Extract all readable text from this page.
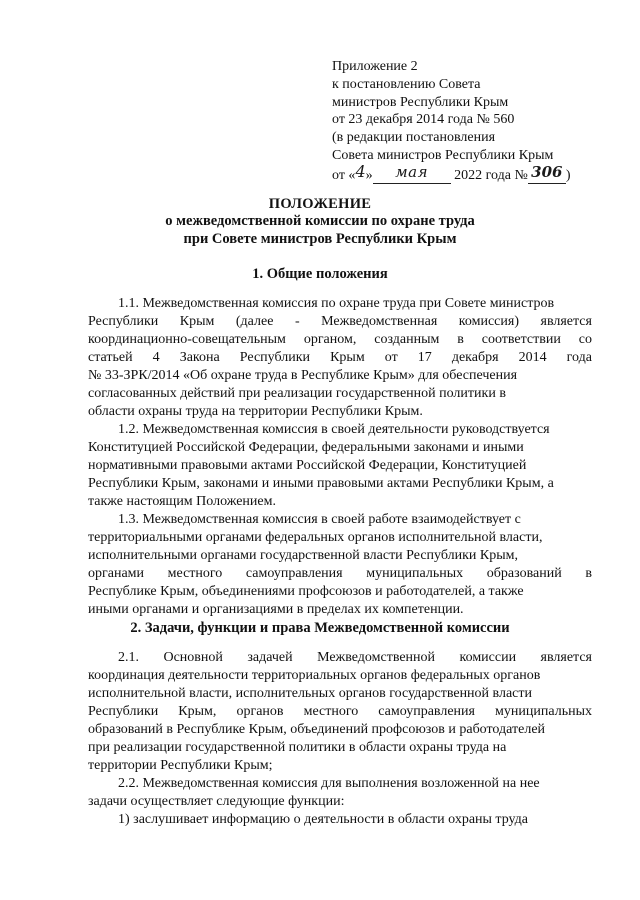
Приложение 2
к постановлению Совета
министров Республики Крым
от 23 декабря 2014 года № 560
(в редакции постановления
Совета министров Республики Крым
от «4» мая 2022 года № 306 )
ПОЛОЖЕНИЕ
о межведомственной комиссии по охране труда
при Совете министров Республики Крым
1. Общие положения
1.1. Межведомственная комиссия по охране труда при Совете министров
Республики Крым (далее - Межведомственная комиссия) является
координационно-совещательным органом, созданным в соответствии со
статьей 4 Закона Республики Крым от 17 декабря 2014 года
№ 33-ЗРК/2014 «Об охране труда в Республике Крым» для обеспечения
согласованных действий при реализации государственной политики в
области охраны труда на территории Республики Крым.
1.2. Межведомственная комиссия в своей деятельности руководствуется
Конституцией Российской Федерации, федеральными законами и иными
нормативными правовыми актами Российской Федерации, Конституцией
Республики Крым, законами и иными правовыми актами Республики Крым, а
также настоящим Положением.
1.3. Межведомственная комиссия в своей работе взаимодействует с
территориальными органами федеральных органов исполнительной власти,
исполнительными органами государственной власти Республики Крым,
органами местного самоуправления муниципальных образований в
Республике Крым, объединениями профсоюзов и работодателей, а также
иными органами и организациями в пределах их компетенции.
2. Задачи, функции и права Межведомственной комиссии
2.1. Основной задачей Межведомственной комиссии является
координация деятельности территориальных органов федеральных органов
исполнительной власти, исполнительных органов государственной власти
Республики Крым, органов местного самоуправления муниципальных
образований в Республике Крым, объединений профсоюзов и работодателей
при реализации государственной политики в области охраны труда на
территории Республики Крым;
2.2. Межведомственная комиссия для выполнения возложенной на нее
задачи осуществляет следующие функции:
1) заслушивает информацию о деятельности в области охраны труда
